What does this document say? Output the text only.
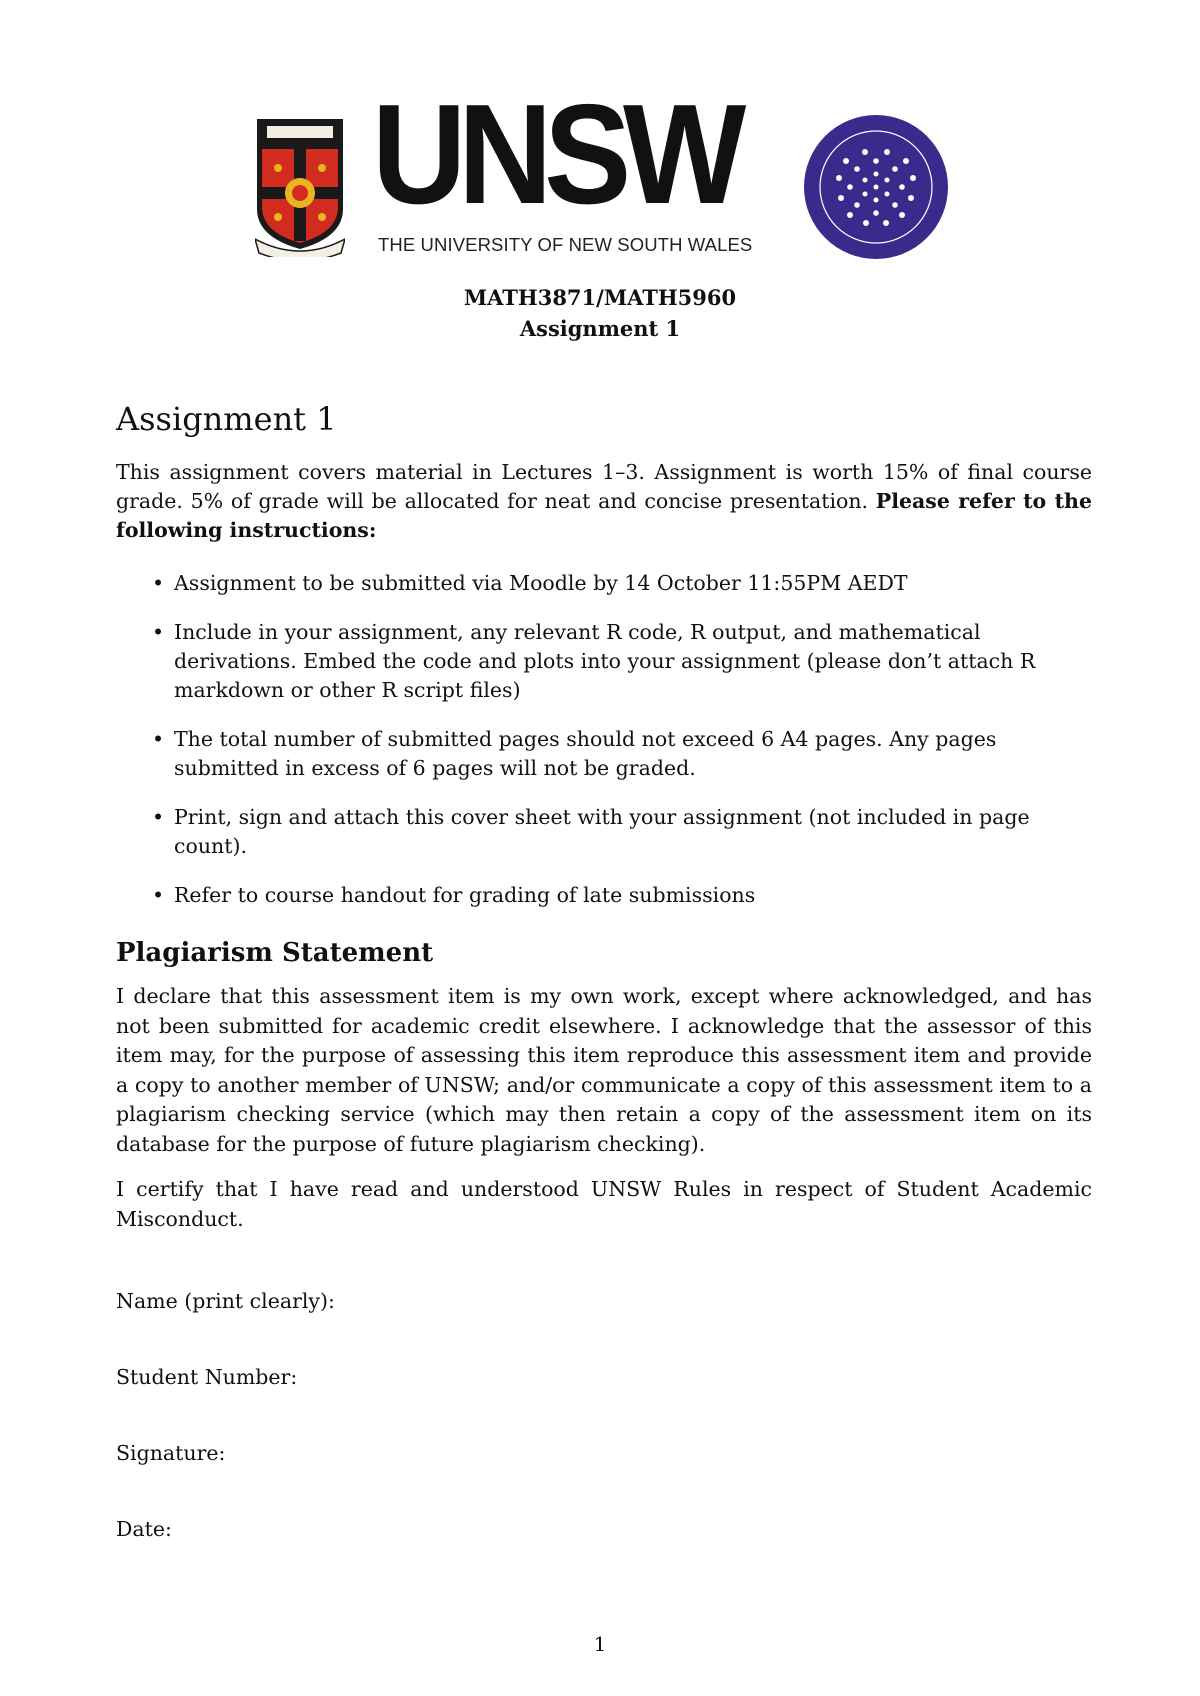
UNSW
THE UNIVERSITY OF NEW SOUTH WALES
MATH3871/MATH5960
Assignment 1
Assignment 1

This assignment covers material in Lectures 1–3. Assignment is worth 15% of final course grade. 5% of grade will be allocated for neat and concise presentation. Please refer to the following instructions:

• Assignment to be submitted via Moodle by 14 October 11:55PM AEDT
• Include in your assignment, any relevant R code, R output, and mathematical derivations. Embed the code and plots into your assignment (please don’t attach R markdown or other R script files)
• The total number of submitted pages should not exceed 6 A4 pages. Any pages submitted in excess of 6 pages will not be graded.
• Print, sign and attach this cover sheet with your assignment (not included in page count).
• Refer to course handout for grading of late submissions
Plagiarism Statement

I declare that this assessment item is my own work, except where acknowledged, and has not been submitted for academic credit elsewhere. I acknowledge that the assessor of this item may, for the purpose of assessing this item reproduce this assessment item and provide a copy to another member of UNSW; and/or communicate a copy of this assessment item to a plagiarism checking service (which may then retain a copy of the assessment item on its database for the purpose of future plagiarism checking).

I certify that I have read and understood UNSW Rules in respect of Student Academic Misconduct.

Name (print clearly):
Student Number:
Signature:
Date:
1
